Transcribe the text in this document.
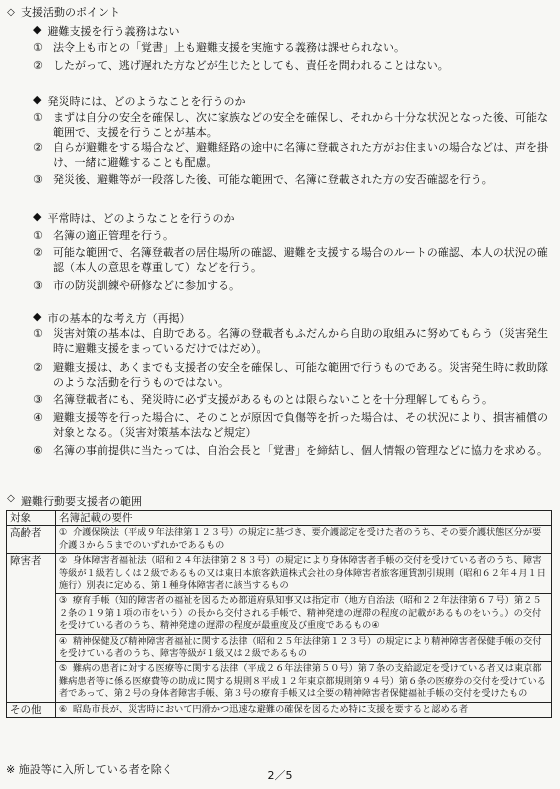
◇ 支援活動のポイント
◆ 避難支援を行う義務はない
① 法令上も市との「覚書」上も避難支援を実施する義務は課せられない。
② したがって、逃げ遅れた方などが生じたとしても、責任を問われることはない。
◆ 発災時には、どのようなことを行うのか
① まずは自分の安全を確保し、次に家族などの安全を確保し、それから十分な状況となった後、可能な範囲で、支援を行うことが基本。
② 自らが避難をする場合など、避難経路の途中に名簿に登載された方がお住まいの場合などは、声を掛け、一緒に避難することも配慮。
③ 発災後、避難等が一段落した後、可能な範囲で、名簿に登載された方の安否確認を行う。
◆ 平常時は、どのようなことを行うのか
① 名簿の適正管理を行う。
② 可能な範囲で、名簿登載者の居住場所の確認、避難を支援する場合のルートの確認、本人の状況の確認（本人の意思を尊重して）などを行う。
③ 市の防災訓練や研修などに参加する。
◆ 市の基本的な考え方（再掲）
① 災害対策の基本は、自助である。名簿の登載者もふだんから自助の取組みに努めてもらう（災害発生時に避難支援をまっているだけではだめ）。
② 避難支援は、あくまでも支援者の安全を確保し、可能な範囲で行うものである。災害発生時に救助隊のような活動を行うものではない。
③ 名簿登載者にも、発災時に必ず支援があるものとは限らないことを十分理解してもらう。
④ 避難支援等を行った場合に、そのことが原因で負傷等を折った場合は、その状況により、損害補償の対象となる。（災害対策基本法など規定）
⑥ 名簿の事前提供に当たっては、自治会長と「覚書」を締結し、個人情報の管理などに協力を求める。
◇ 避難行動要支援者の範囲
対象	名簿記載の要件
高齢者	① 介護保険法（平成９年法律第１２３号）の規定に基づき、要介護認定を受けた者のうち、その要介護状態区分が要介護３から５までのいずれかであるもの
障害者	② 身体障害者福祉法（昭和２４年法律第２８３号）の規定により身体障害者手帳の交付を受けている者のうち、障害等級が１級若しくは２級であるもの又は東日本旅客鉄道株式会社の身体障害者旅客運賃割引規則（昭和６２年４月１日施行）別表に定める、第１種身体障害者に該当するもの
	③ 療育手帳（知的障害者の福祉を図るため都道府県知事又は指定市（地方自治法（昭和２２年法律第６７号）第２５２条の１９第１項の市をいう）の長から交付される手帳で、精神発達の遅滞の程度の記載があるものをいう。）の交付を受けている者のうち、精神発達の遅滞の程度が最重度及び重度であるもの④
	④ 精神保健及び精神障害者福祉に関する法律（昭和２５年法律第１２３号）の規定により精神障害者保健手帳の交付を受けている者のうち、障害等級が１級又は２級であるもの
	⑤ 難病の患者に対する医療等に関する法律（平成２６年法律第５０号）第７条の支給認定を受けている者又は東京都難病患者等に係る医療費等の助成に関する規則８平成１２年東京都規則第９４号）第６条の医療券の交付を受けている者であって、第２号の身体者障害手帳、第３号の療育手帳又は全要の精神障害者保健福祉手帳の交付を受けたもの
その他	⑥ 昭島市長が、災害時において円滑かつ迅速な避難の確保を図るため特に支援を要すると認める者
※ 施設等に入所している者を除く	2／5
